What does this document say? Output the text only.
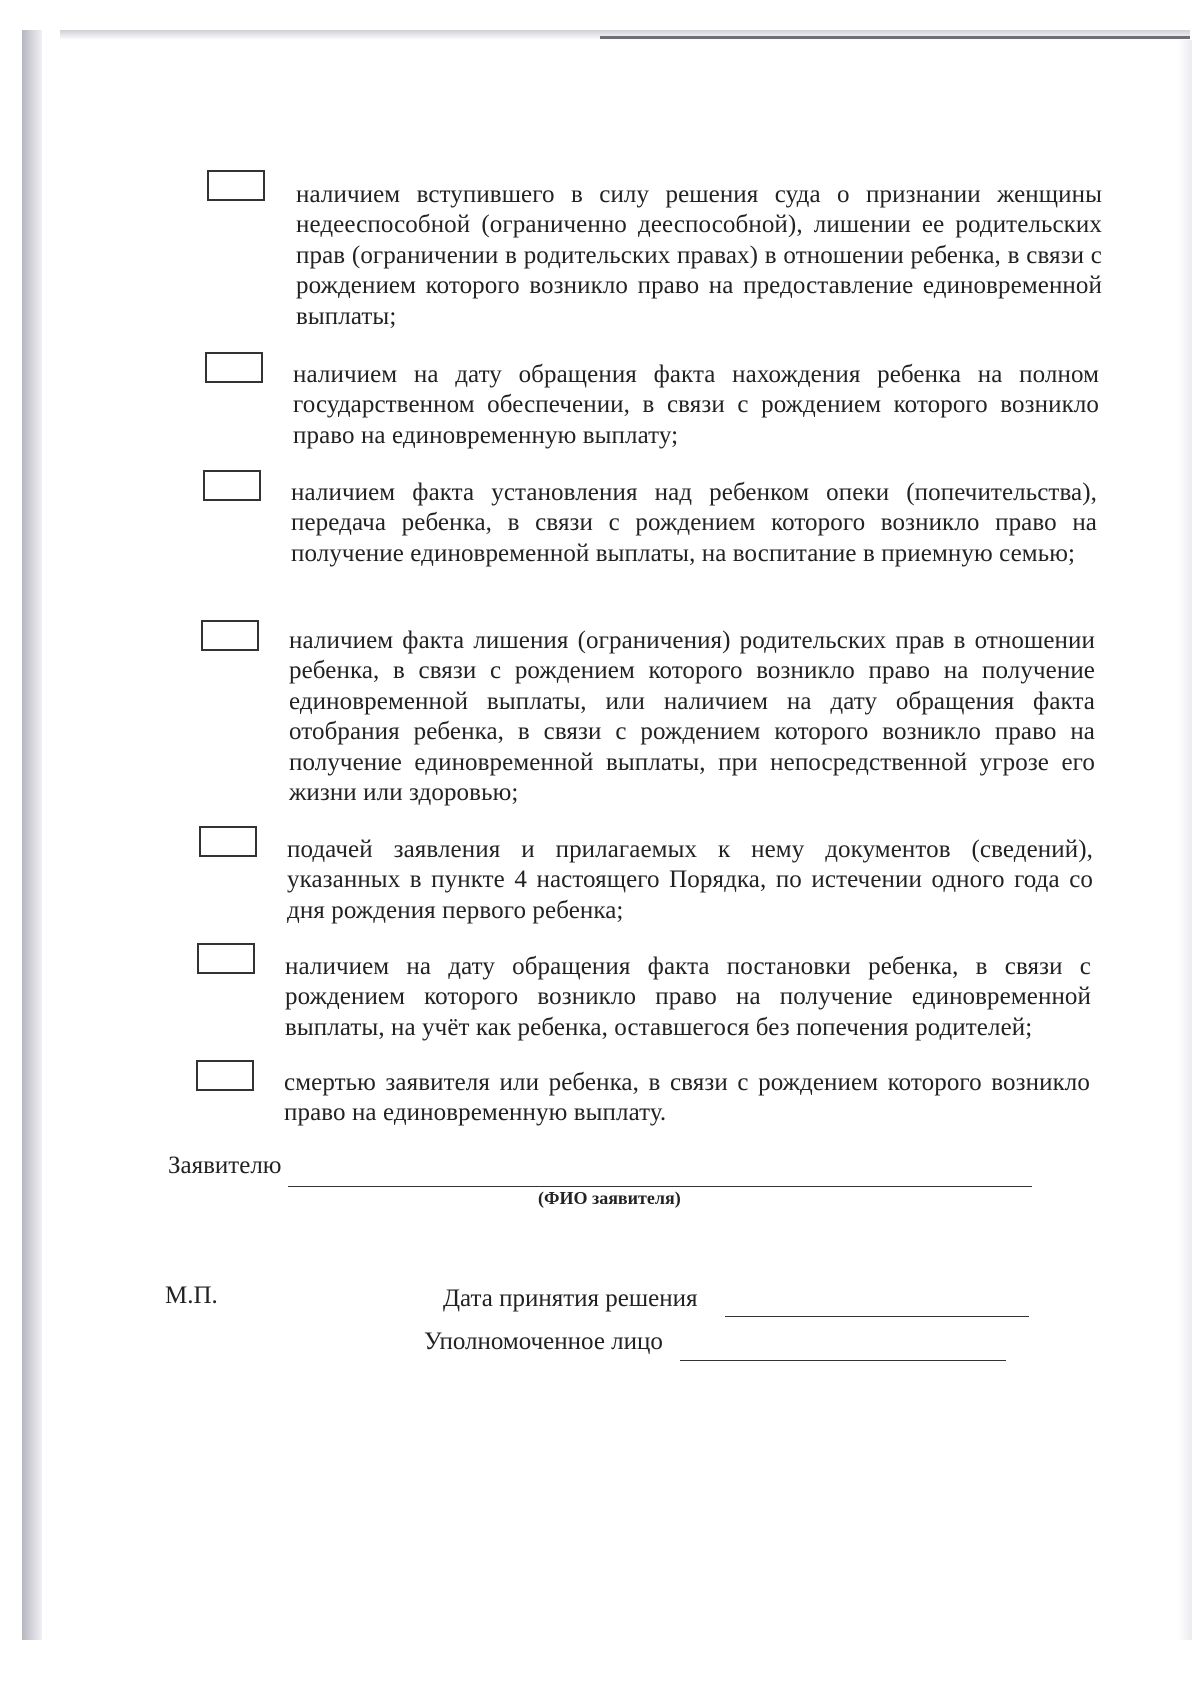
наличием вступившего в силу решения суда о признании женщины недееспособной (ограниченно дееспособной), лишении ее родительских прав (ограничении в родительских правах) в отношении ребенка, в связи с рождением которого возникло право на предоставление единовременной выплаты;

наличием на дату обращения факта нахождения ребенка на полном государственном обеспечении, в связи с рождением которого возникло право на единовременную выплату;

наличием факта установления над ребенком опеки (попечительства), передача ребенка, в связи с рождением которого возникло право на получение единовременной выплаты, на воспитание в приемную семью;

наличием факта лишения (ограничения) родительских прав в отношении ребенка, в связи с рождением которого возникло право на получение единовременной выплаты, или наличием на дату обращения факта отобрания ребенка, в связи с рождением которого возникло право на получение единовременной выплаты, при непосредственной угрозе его жизни или здоровью;

подачей заявления и прилагаемых к нему документов (сведений), указанных в пункте 4 настоящего Порядка, по истечении одного года со дня рождения первого ребенка;

наличием на дату обращения факта постановки ребенка, в связи с рождением которого возникло право на получение единовременной выплаты, на учёт как ребенка, оставшегося без попечения родителей;

смертью заявителя или ребенка, в связи с рождением которого возникло право на единовременную выплату.

Заявителю
(ФИО заявителя)
М.П.	Дата принятия решения
Уполномоченное лицо
